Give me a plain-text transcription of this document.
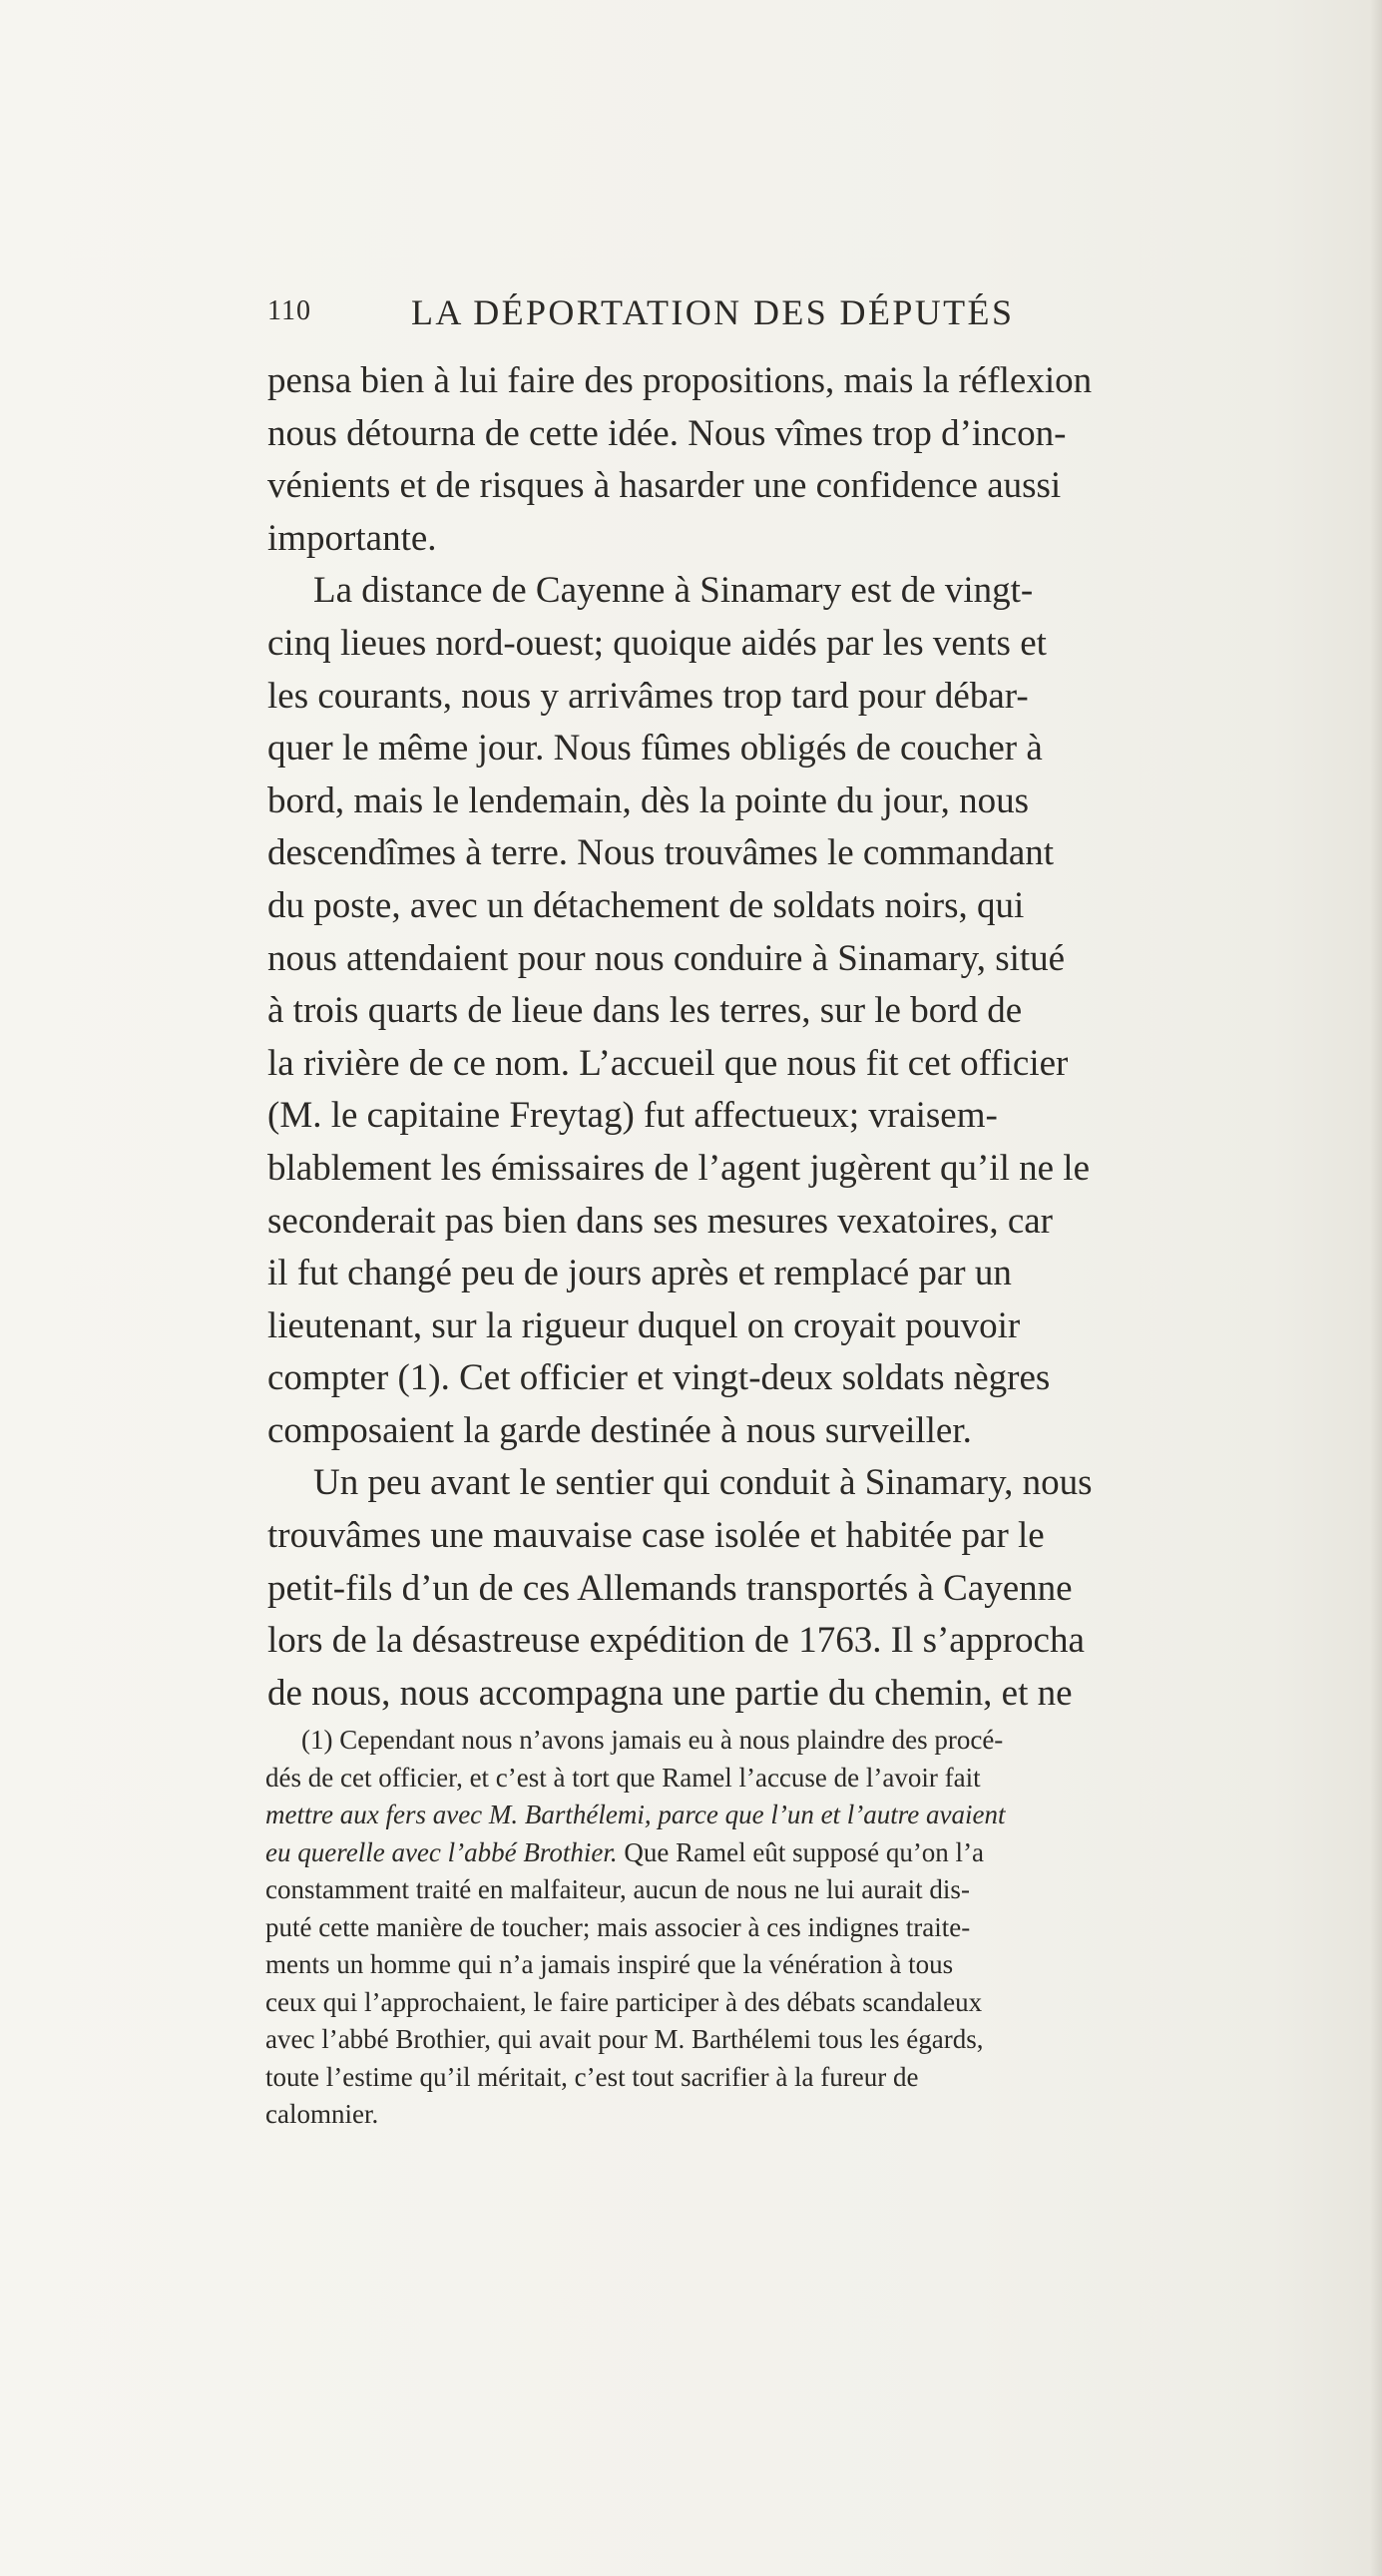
110	LA DÉPORTATION DES DÉPUTÉS
pensa bien à lui faire des propositions, mais la réflexion
nous détourna de cette idée. Nous vîmes trop d’incon-
vénients et de risques à hasarder une confidence aussi
importante.
La distance de Cayenne à Sinamary est de vingt-
cinq lieues nord-ouest; quoique aidés par les vents et
les courants, nous y arrivâmes trop tard pour débar-
quer le même jour. Nous fûmes obligés de coucher à
bord, mais le lendemain, dès la pointe du jour, nous
descendîmes à terre. Nous trouvâmes le commandant
du poste, avec un détachement de soldats noirs, qui
nous attendaient pour nous conduire à Sinamary, situé
à trois quarts de lieue dans les terres, sur le bord de
la rivière de ce nom. L’accueil que nous fit cet officier
(M. le capitaine Freytag) fut affectueux; vraisem-
blablement les émissaires de l’agent jugèrent qu’il ne le
seconderait pas bien dans ses mesures vexatoires, car
il fut changé peu de jours après et remplacé par un
lieutenant, sur la rigueur duquel on croyait pouvoir
compter (1). Cet officier et vingt-deux soldats nègres
composaient la garde destinée à nous surveiller.
Un peu avant le sentier qui conduit à Sinamary, nous
trouvâmes une mauvaise case isolée et habitée par le
petit-fils d’un de ces Allemands transportés à Cayenne
lors de la désastreuse expédition de 1763. Il s’approcha
de nous, nous accompagna une partie du chemin, et ne
(1) Cependant nous n’avons jamais eu à nous plaindre des procé-
dés de cet officier, et c’est à tort que Ramel l’accuse de l’avoir fait
mettre aux fers avec M. Barthélemi, parce que l’un et l’autre avaient
eu querelle avec l’abbé Brothier. Que Ramel eût supposé qu’on l’a
constamment traité en malfaiteur, aucun de nous ne lui aurait dis-
puté cette manière de toucher; mais associer à ces indignes traite-
ments un homme qui n’a jamais inspiré que la vénération à tous
ceux qui l’approchaient, le faire participer à des débats scandaleux
avec l’abbé Brothier, qui avait pour M. Barthélemi tous les égards,
toute l’estime qu’il méritait, c’est tout sacrifier à la fureur de
calomnier.
